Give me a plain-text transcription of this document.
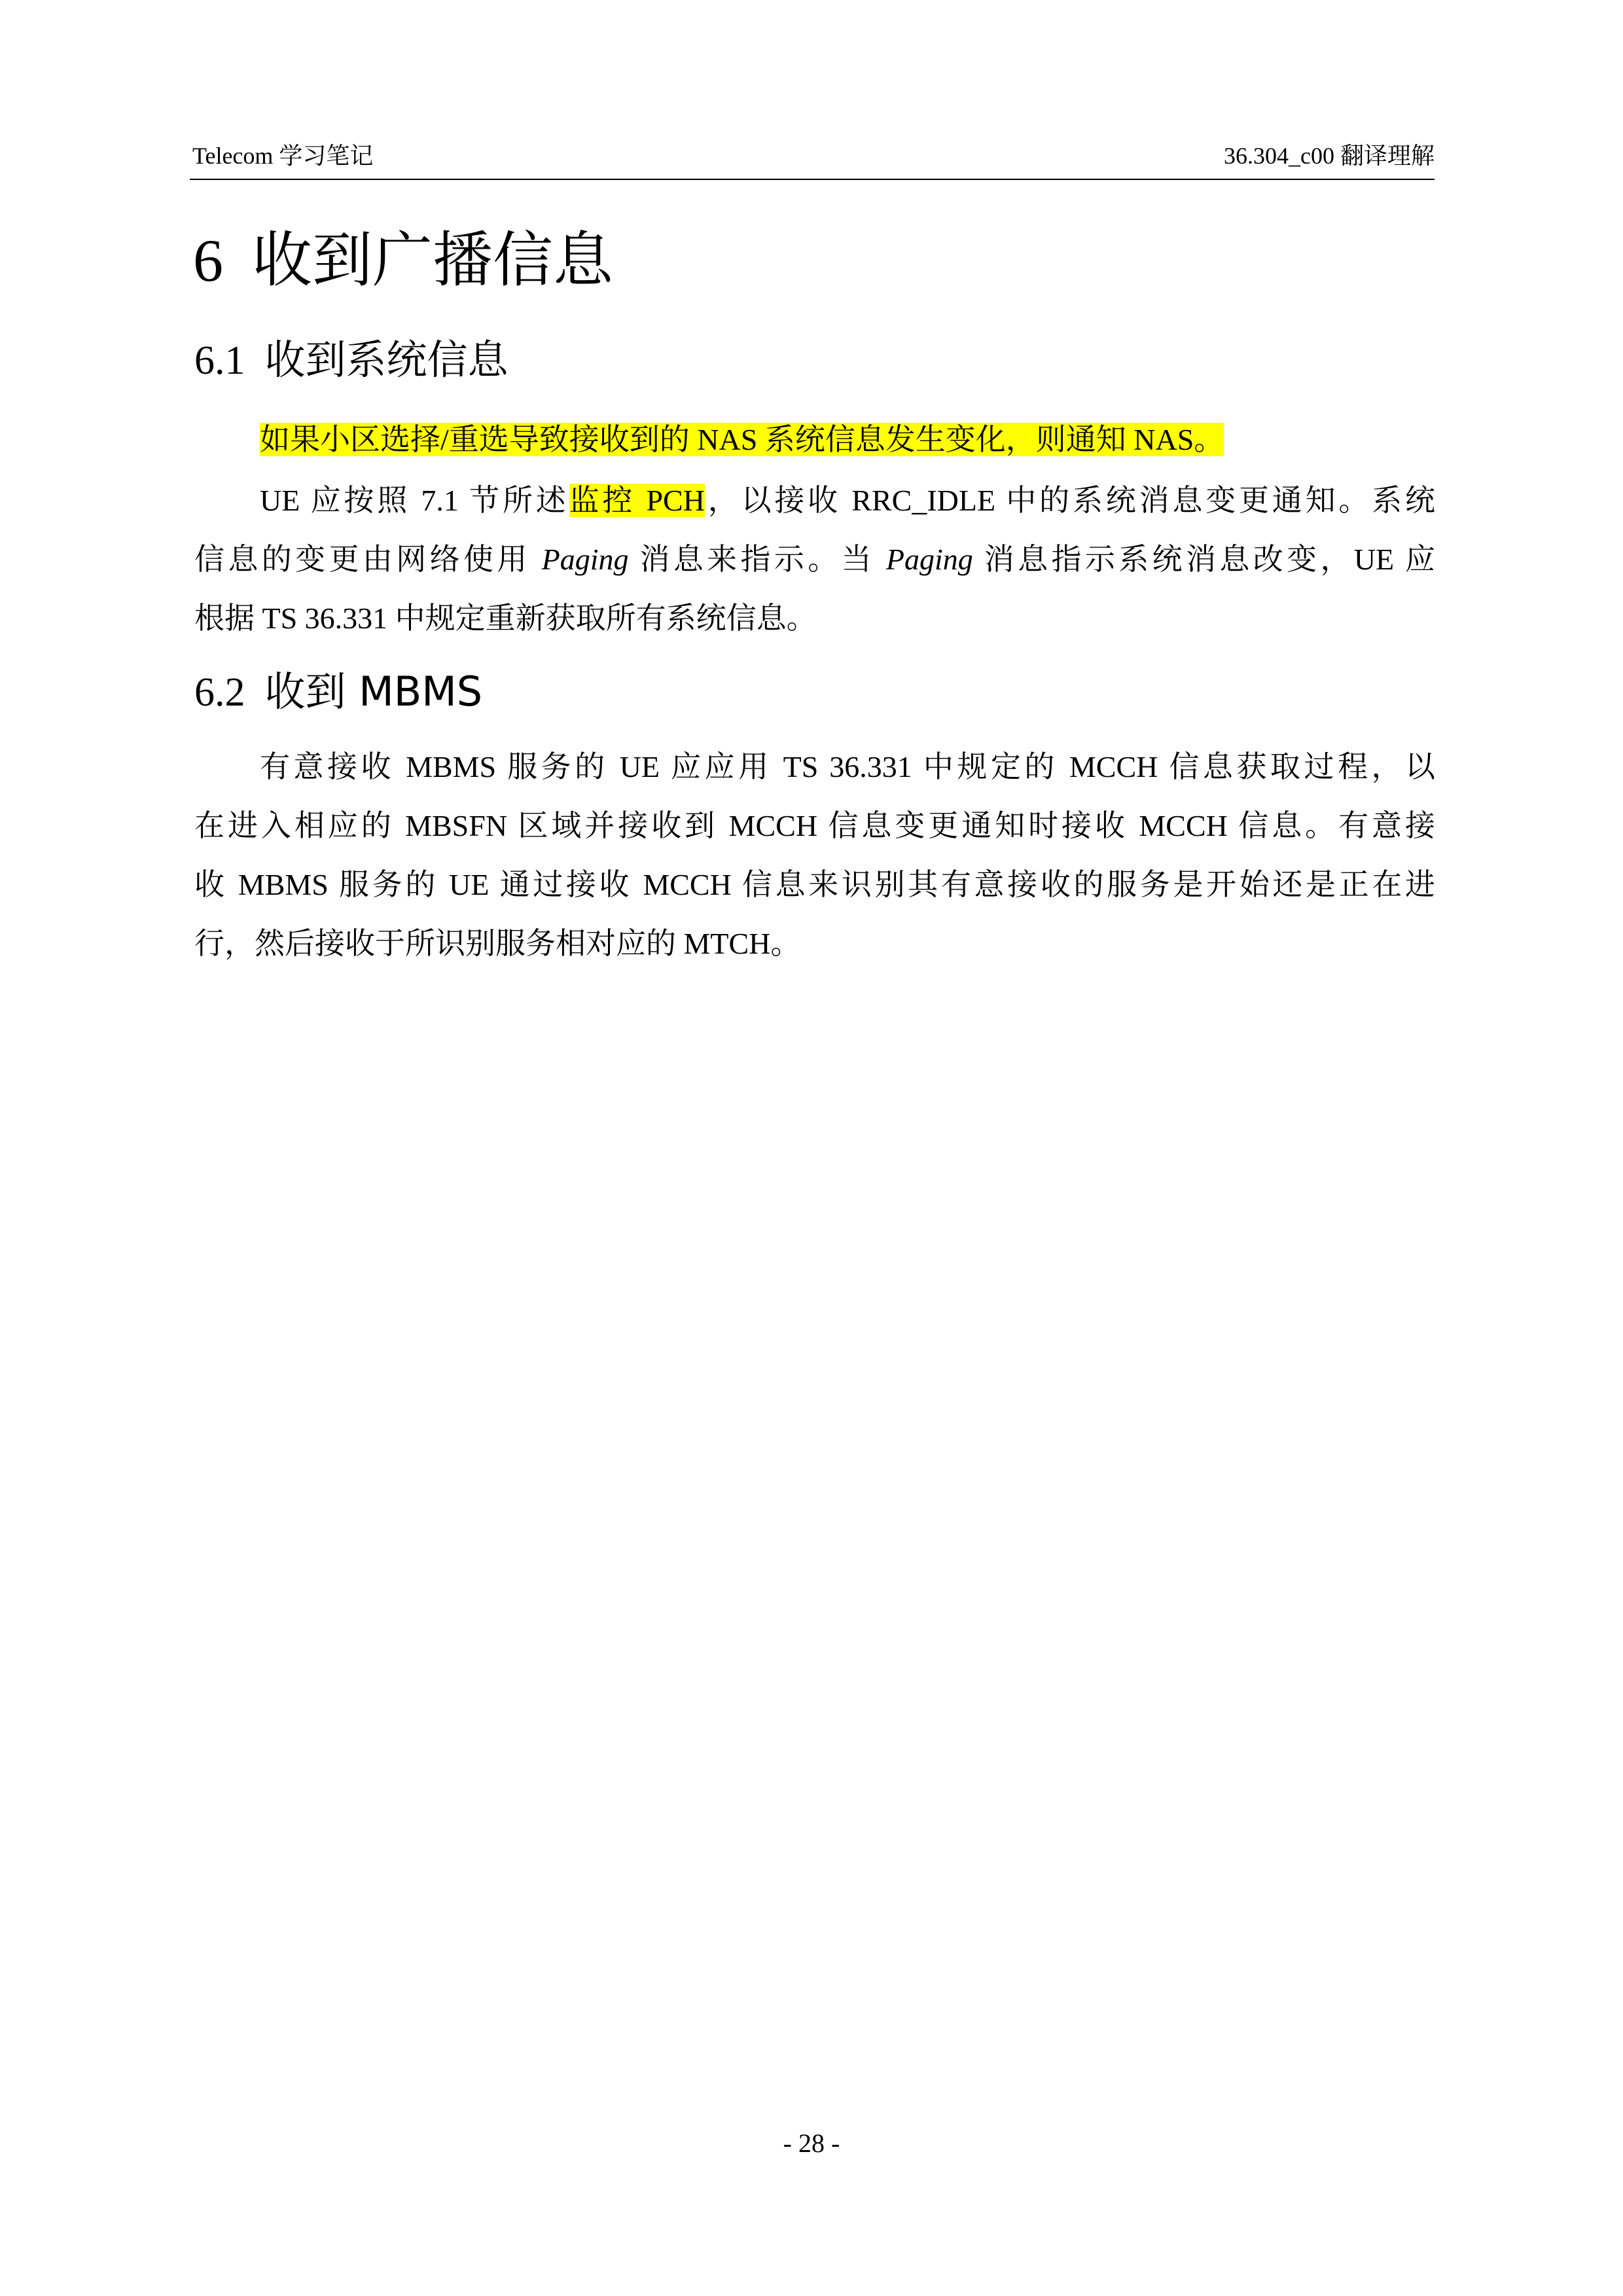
Telecom 学习笔记	36.304_c00 翻译理解
6 收到广播信息
6.1 收到系统信息
如果小区选择/重选导致接收到的 NAS 系统信息发生变化，则通知 NAS。
UE 应按照 7.1 节所述监控 PCH，以接收 RRC_IDLE 中的系统消息变更通知。系统
信息的变更由网络使用 Paging 消息来指示。当 Paging 消息指示系统消息改变，UE 应
根据 TS 36.331 中规定重新获取所有系统信息。
6.2 收到 MBMS
有意接收 MBMS 服务的 UE 应应用 TS 36.331 中规定的 MCCH 信息获取过程，以
在进入相应的 MBSFN 区域并接收到 MCCH 信息变更通知时接收 MCCH 信息。有意接
收 MBMS 服务的 UE 通过接收 MCCH 信息来识别其有意接收的服务是开始还是正在进
行，然后接收于所识别服务相对应的 MTCH。
- 28 -
